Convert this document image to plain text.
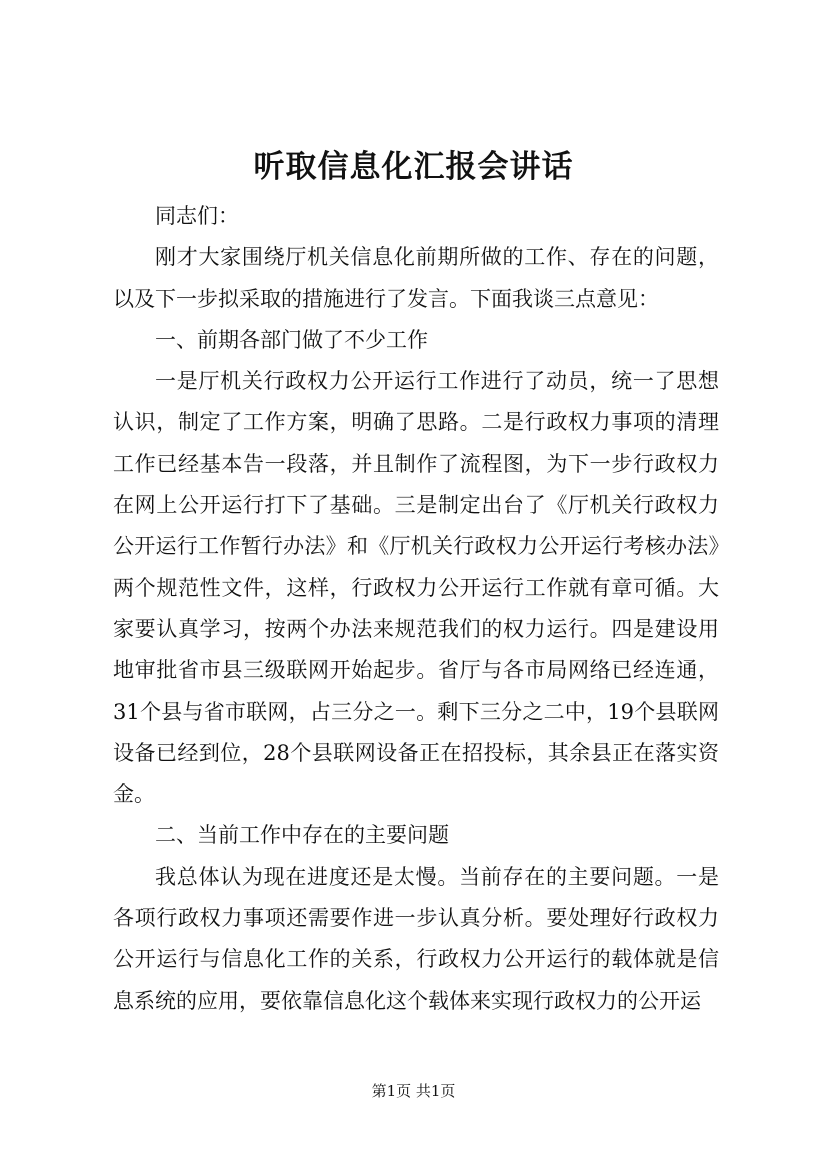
听取信息化汇报会讲话

同志们：

刚才大家围绕厅机关信息化前期所做的工作、存在的问题，以及下一步拟采取的措施进行了发言。下面我谈三点意见：

一、前期各部门做了不少工作

一是厅机关行政权力公开运行工作进行了动员，统一了思想认识，制定了工作方案，明确了思路。二是行政权力事项的清理工作已经基本告一段落，并且制作了流程图，为下一步行政权力在网上公开运行打下了基础。三是制定出台了《厅机关行政权力公开运行工作暂行办法》和《厅机关行政权力公开运行考核办法》两个规范性文件，这样，行政权力公开运行工作就有章可循。大家要认真学习，按两个办法来规范我们的权力运行。四是建设用地审批省市县三级联网开始起步。省厅与各市局网络已经连通，31个县与省市联网，占三分之一。剩下三分之二中，19个县联网设备已经到位，28个县联网设备正在招投标，其余县正在落实资金。

二、当前工作中存在的主要问题

我总体认为现在进度还是太慢。当前存在的主要问题。一是各项行政权力事项还需要作进一步认真分析。要处理好行政权力公开运行与信息化工作的关系，行政权力公开运行的载体就是信息系统的应用，要依靠信息化这个载体来实现行政权力的公开运

第1页 共1页
